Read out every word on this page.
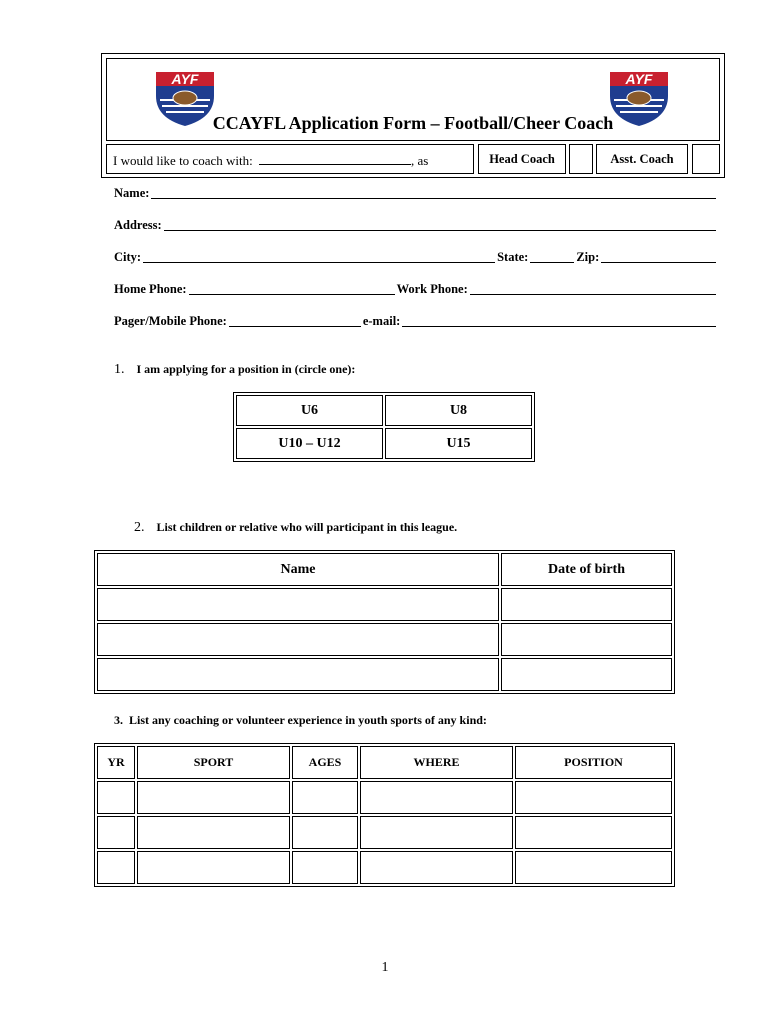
AYF	AYF
CCAYFL Application Form – Football/Cheer Coach
I would like to coach with:	, as	Head Coach	Asst. Coach
Name :
Address :
City :	State :	Zip :
Home Phone :	Work Phone :
Pager/Mobile Phone :	e-mail :
1. I am applying for a position in (circle one):
U6	U8
U10 – U12	U15
2. List children or relative who will participant in this league.
Name	Date of birth

3.  List any coaching or volunteer experience in youth sports of any kind:
YR	SPORT	AGES	WHERE	POSITION

1
